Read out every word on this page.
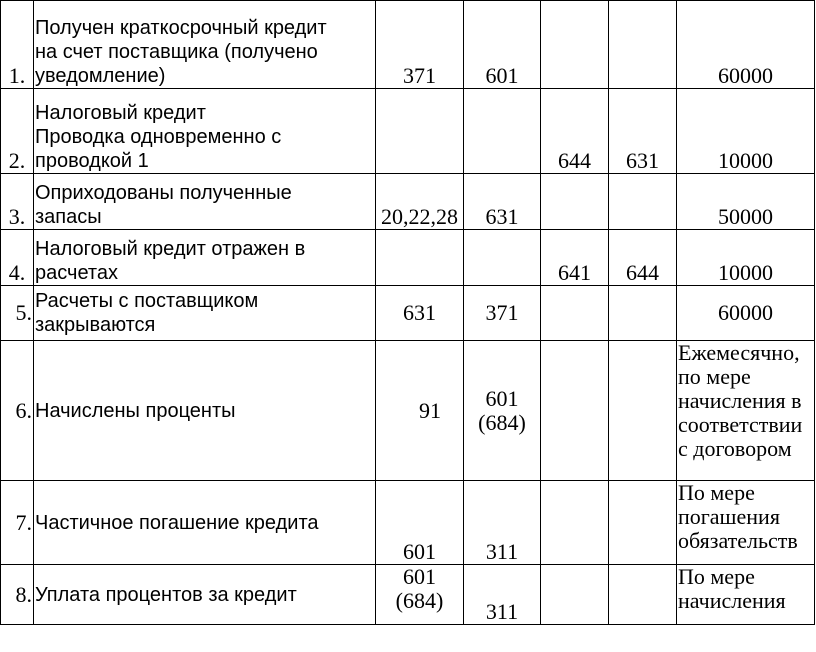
1.	Получен краткосрочный кредит
на счет поставщика (получено
уведомление)	371	601			60000
2.	Налоговый кредит
Проводка одновременно с
проводкой 1			644	631	10000
3.	Оприходованы полученные
запасы	20,22,28	631			50000
4.	Налоговый кредит отражен в
расчетах			641	644	10000
5.	Расчеты с поставщиком
закрываются	631	371			60000
6.	Начислены проценты	91	601
(684)			Ежемесячно,
по мере
начисления в
соответствии
с договором

7.	Частичное погашение кредита	601	311			По мере
погашения
обязательств

8.	Уплата процентов за кредит	601
(684)	311			По мере
начисления
